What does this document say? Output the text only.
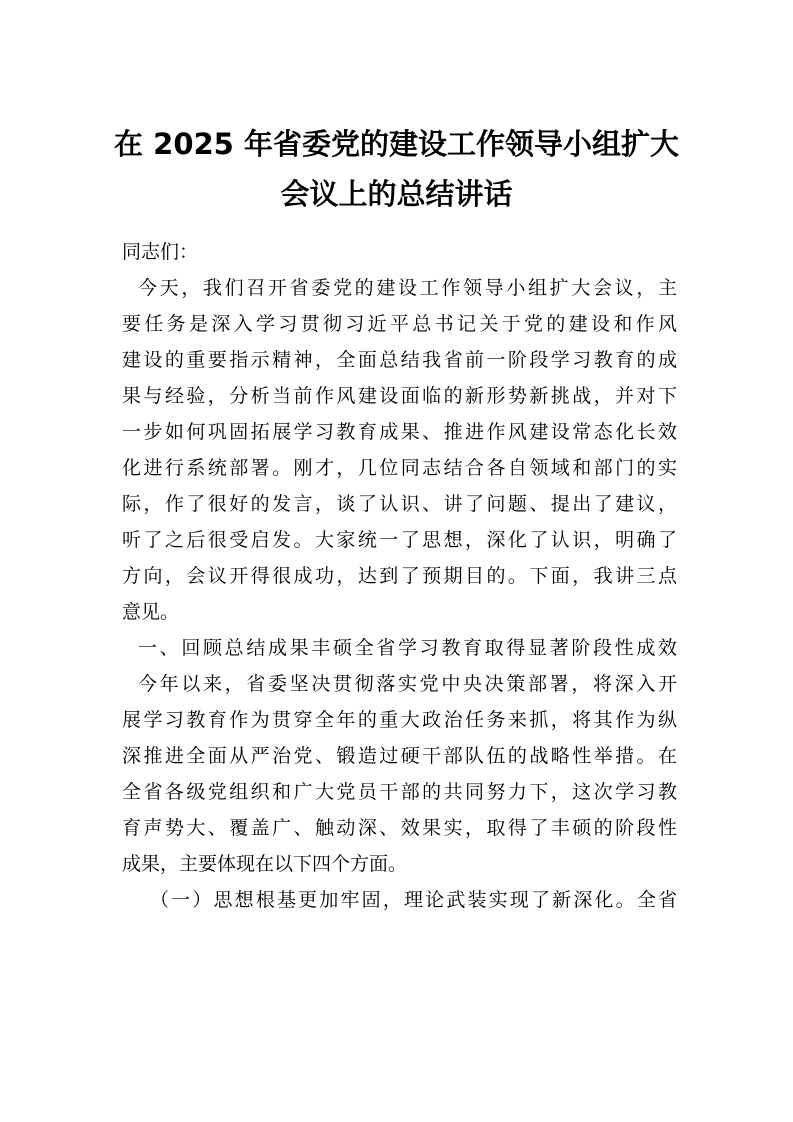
在 2025 年省委党的建设工作领导小组扩大
会议上的总结讲话
同志们：
今天，我们召开省委党的建设工作领导小组扩大会议，主
要任务是深入学习贯彻习近平总书记关于党的建设和作风
建设的重要指示精神，全面总结我省前一阶段学习教育的成
果与经验，分析当前作风建设面临的新形势新挑战，并对下
一步如何巩固拓展学习教育成果、推进作风建设常态化长效
化进行系统部署。刚才，几位同志结合各自领域和部门的实
际，作了很好的发言，谈了认识、讲了问题、提出了建议，
听了之后很受启发。大家统一了思想，深化了认识，明确了
方向，会议开得很成功，达到了预期目的。下面，我讲三点
意见。
一、回顾总结成果丰硕全省学习教育取得显著阶段性成效
今年以来，省委坚决贯彻落实党中央决策部署，将深入开
展学习教育作为贯穿全年的重大政治任务来抓，将其作为纵
深推进全面从严治党、锻造过硬干部队伍的战略性举措。在
全省各级党组织和广大党员干部的共同努力下，这次学习教
育声势大、覆盖广、触动深、效果实，取得了丰硕的阶段性
成果，主要体现在以下四个方面。
（一）思想根基更加牢固，理论武装实现了新深化。全省
